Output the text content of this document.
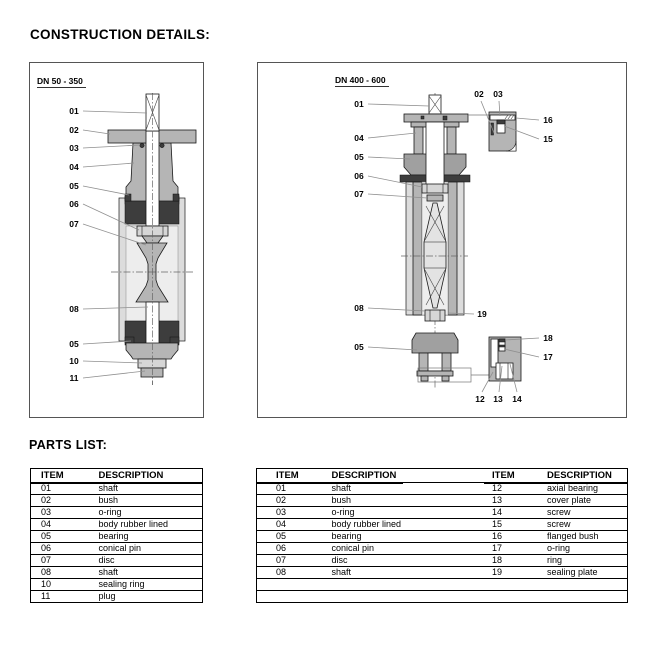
CONSTRUCTION DETAILS:
DN 50 - 350
01
02
03
04
05
06
07
08
05
10
11
DN 400 - 600
01
04
05
06
07
08
05
02 03
16
15
19
18
17
12 13 14
PARTS LIST:
ITEM	DESCRIPTION
01	shaft
02	bush
03	o-ring
04	body rubber lined
05	bearing
06	conical pin
07	disc
08	shaft
10	sealing ring
11	plug
ITEM	DESCRIPTION		ITEM	DESCRIPTION
01	shaft		12	axial bearing
02	bush		13	cover plate
03	o-ring		14	screw
04	body rubber lined		15	screw
05	bearing		16	flanged bush
06	conical pin		17	o-ring
07	disc		18	ring
08	shaft		19	sealing plate
